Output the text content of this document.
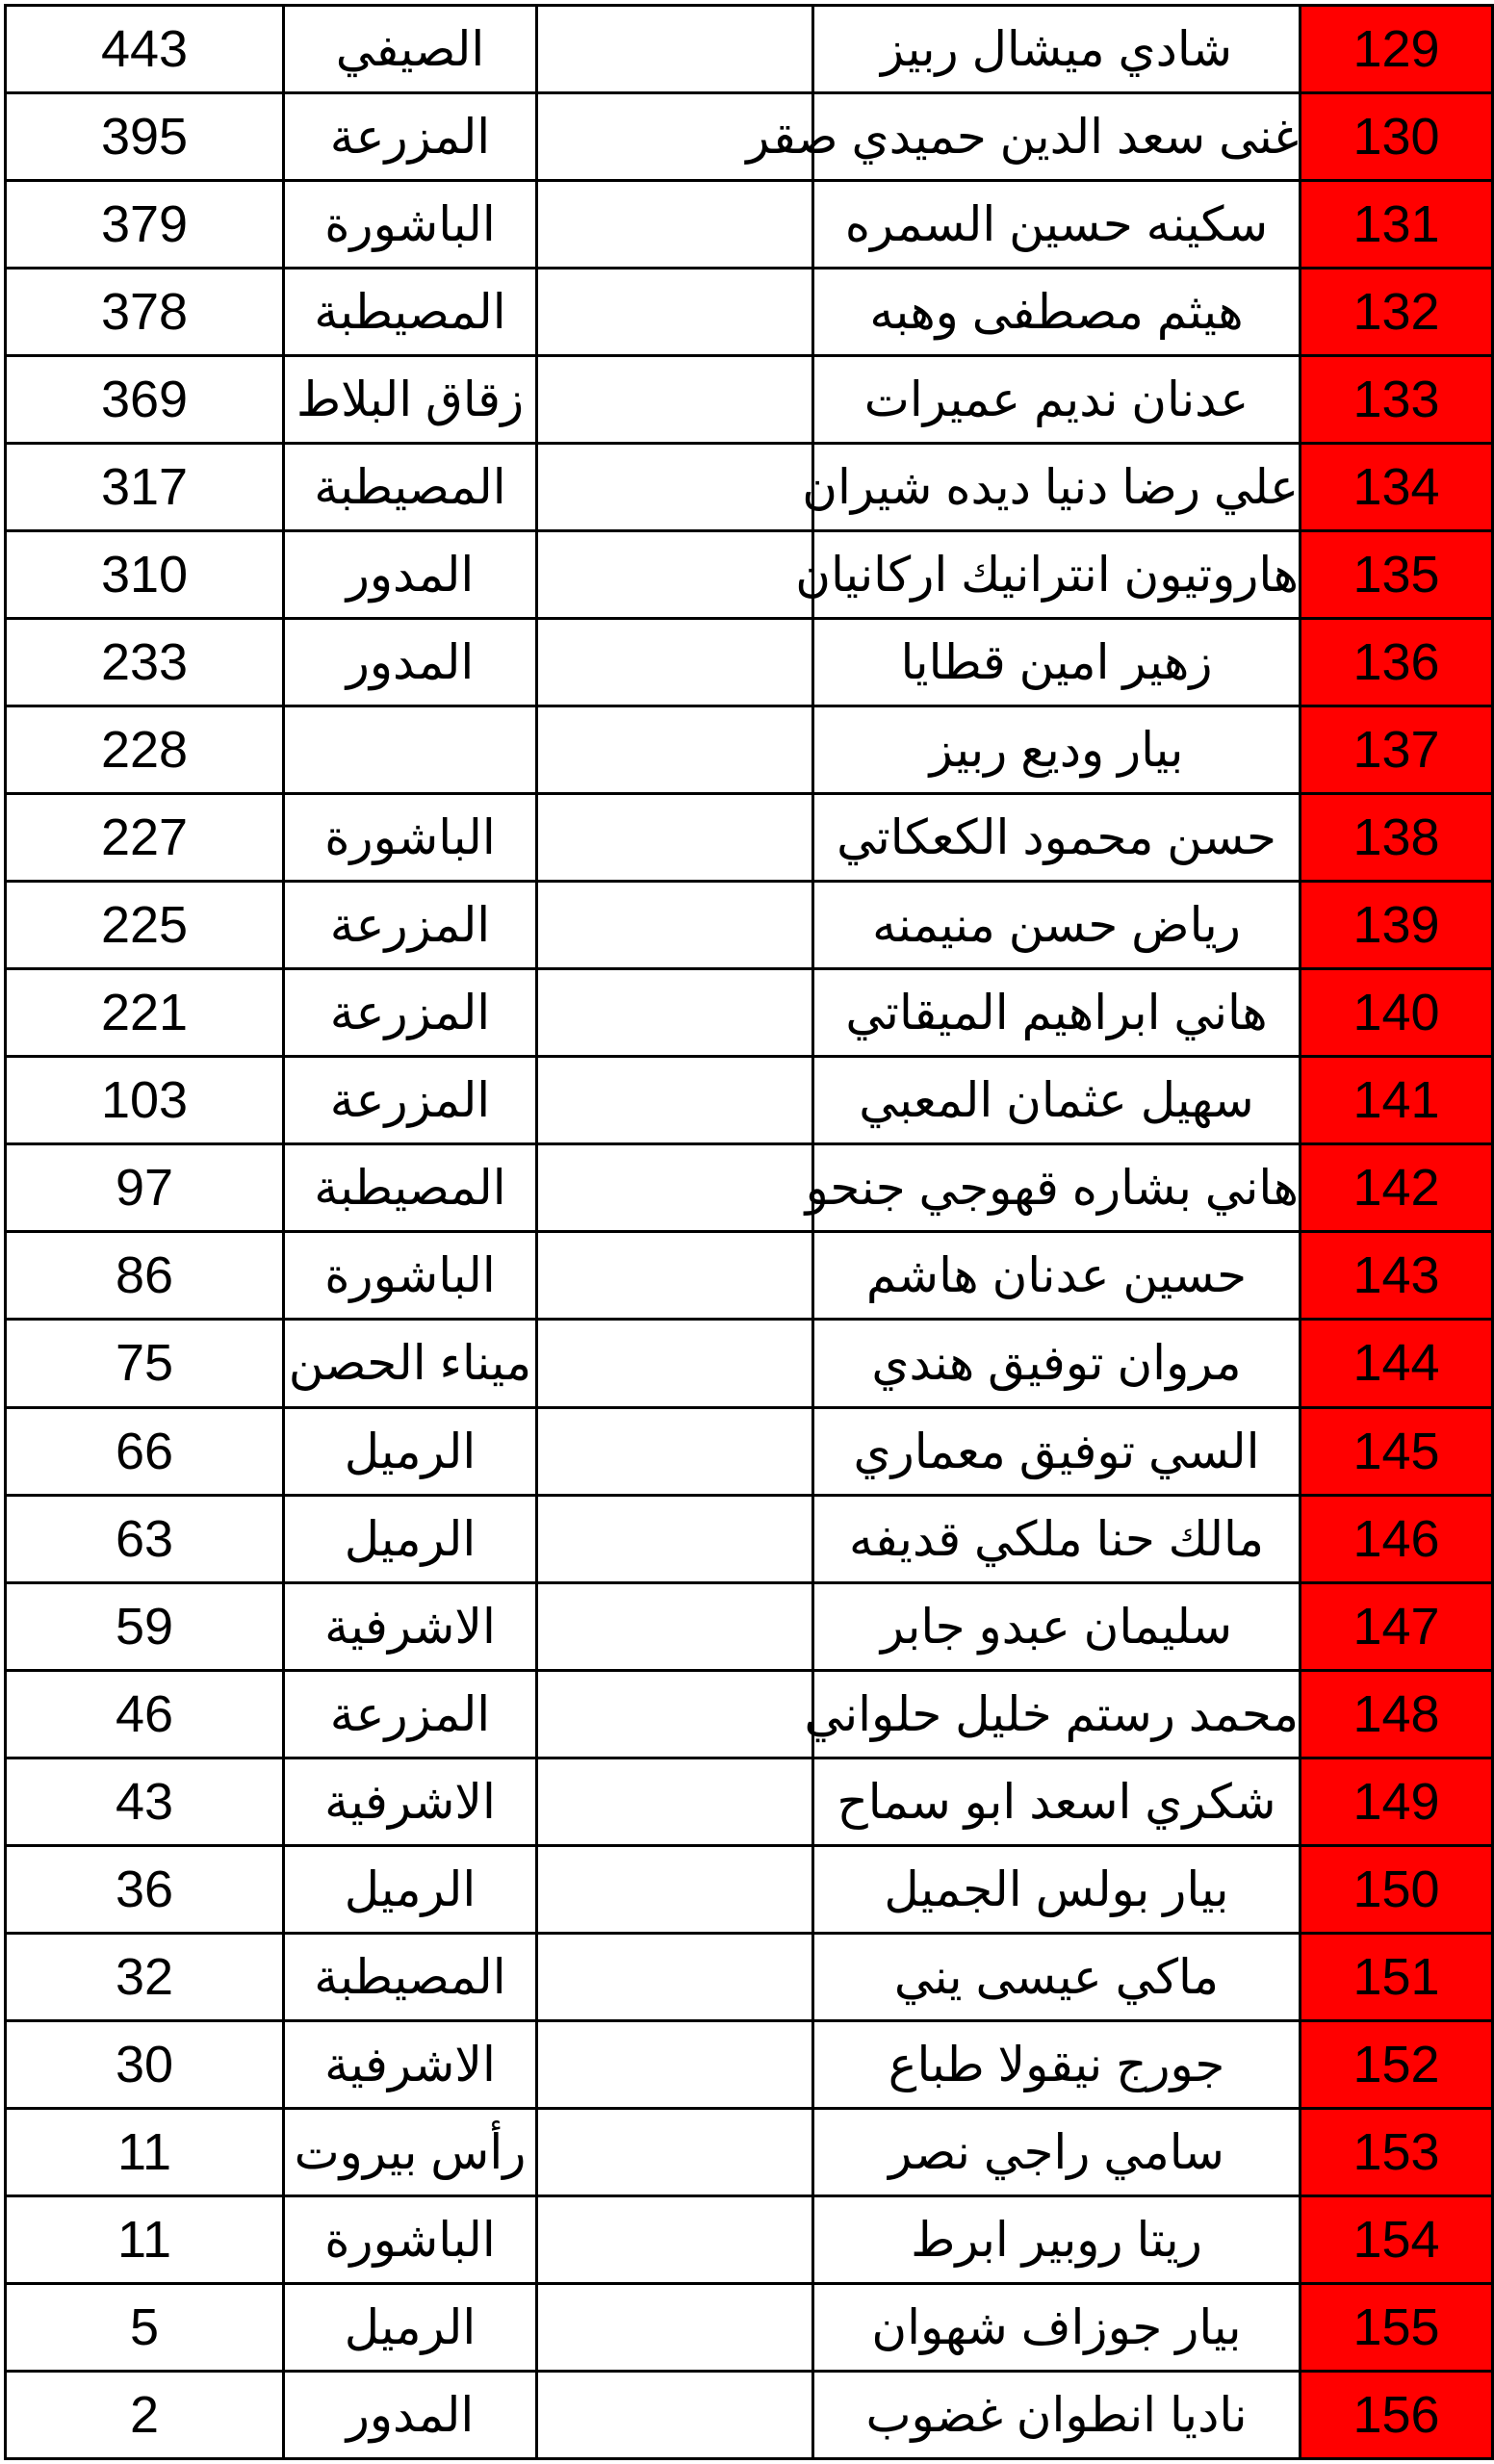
443	الصيفي		شادي ميشال ربيز	129
395	المزرعة		غنى سعد الدين حميدي صقر	130
379	الباشورة		سكينه حسين السمره	131
378	المصيطبة		هيثم مصطفى وهبه	132
369	زقاق البلاط		عدنان نديم عميرات	133
317	المصيطبة		علي رضا دنيا ديده شيران	134
310	المدور		هاروتيون انترانيك اركانيان	135
233	المدور		زهير امين قطايا	136
228			بيار وديع ربيز	137
227	الباشورة		حسن محمود الكعكاتي	138
225	المزرعة		رياض حسن منيمنه	139
221	المزرعة		هاني ابراهيم الميقاتي	140
103	المزرعة		سهيل عثمان المعبي	141
97	المصيطبة		هاني بشاره قهوجي جنحو	142
86	الباشورة		حسين عدنان هاشم	143
75	ميناء الحصن		مروان توفيق هندي	144
66	الرميل		السي توفيق معماري	145
63	الرميل		مالك حنا ملكي قديفه	146
59	الاشرفية		سليمان عبدو جابر	147
46	المزرعة		محمد رستم خليل حلواني	148
43	الاشرفية		شكري اسعد ابو سماح	149
36	الرميل		بيار بولس الجميل	150
32	المصيطبة		ماكي عيسى يني	151
30	الاشرفية		جورج نيقولا طباع	152
11	رأس بيروت		سامي راجي نصر	153
11	الباشورة		ريتا روبير ابرط	154
5	الرميل		بيار جوزاف شهوان	155
2	المدور		ناديا انطوان غضوب	156
